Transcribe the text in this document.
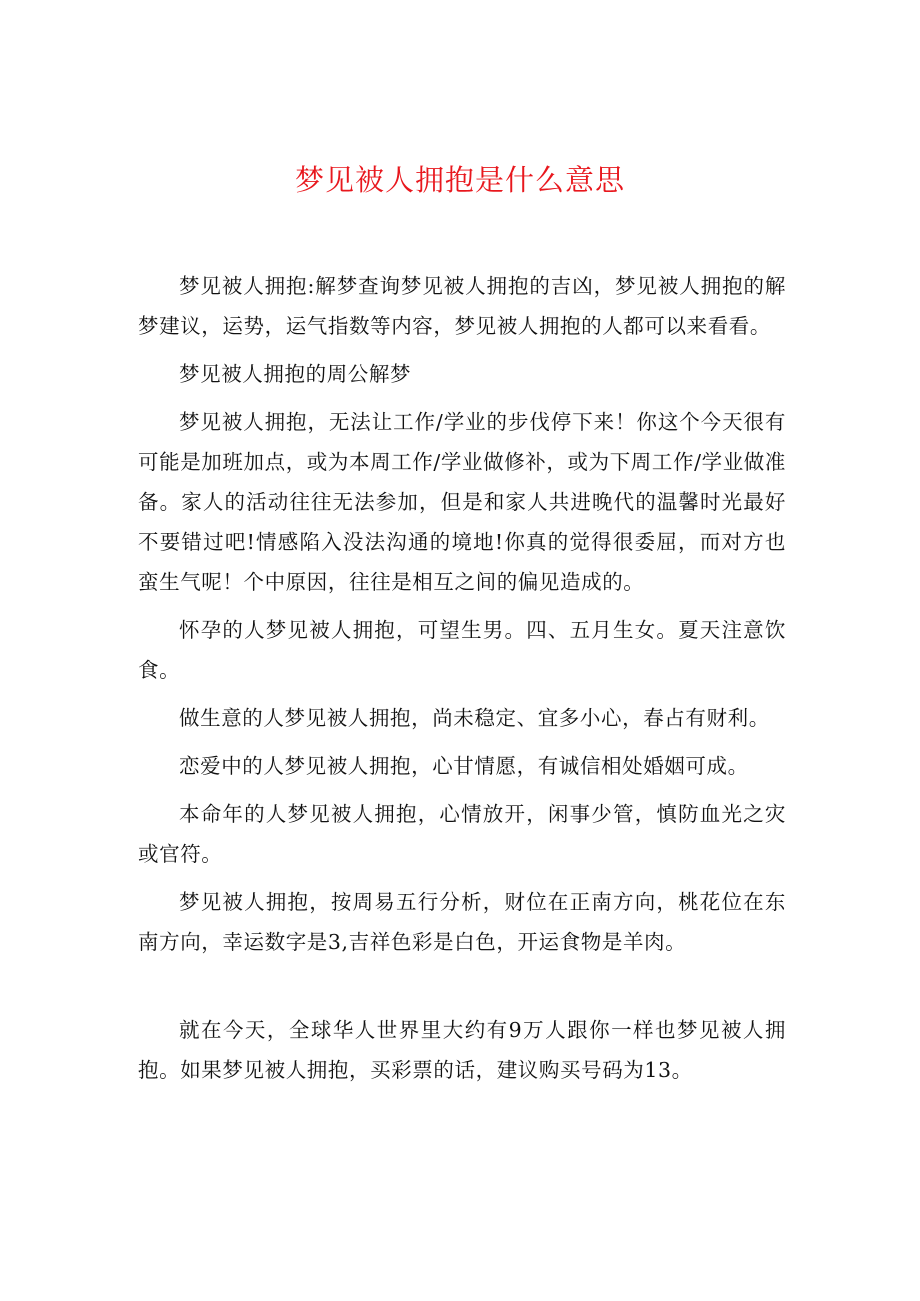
梦见被人拥抱是什么意思

梦见被人拥抱:解梦查询梦见被人拥抱的吉凶，梦见被人拥抱的解梦建议，运势，运气指数等内容，梦见被人拥抱的人都可以来看看。

梦见被人拥抱的周公解梦

梦见被人拥抱，无法让工作/学业的步伐停下来！你这个今天很有可能是加班加点，或为本周工作/学业做修补，或为下周工作/学业做准备。家人的活动往往无法参加，但是和家人共进晚代的温馨时光最好不要错过吧!情感陷入没法沟通的境地!你真的觉得很委屈，而对方也蛮生气呢！个中原因，往往是相互之间的偏见造成的。

怀孕的人梦见被人拥抱，可望生男。四、五月生女。夏天注意饮食。

做生意的人梦见被人拥抱，尚未稳定、宜多小心，春占有财利。

恋爱中的人梦见被人拥抱，心甘情愿，有诚信相处婚姻可成。

本命年的人梦见被人拥抱，心情放开，闲事少管，慎防血光之灾或官符。

梦见被人拥抱，按周易五行分析，财位在正南方向，桃花位在东南方向，幸运数字是3,吉祥色彩是白色，开运食物是羊肉。

就在今天，全球华人世界里大约有9万人跟你一样也梦见被人拥抱。如果梦见被人拥抱，买彩票的话，建议购买号码为13。
